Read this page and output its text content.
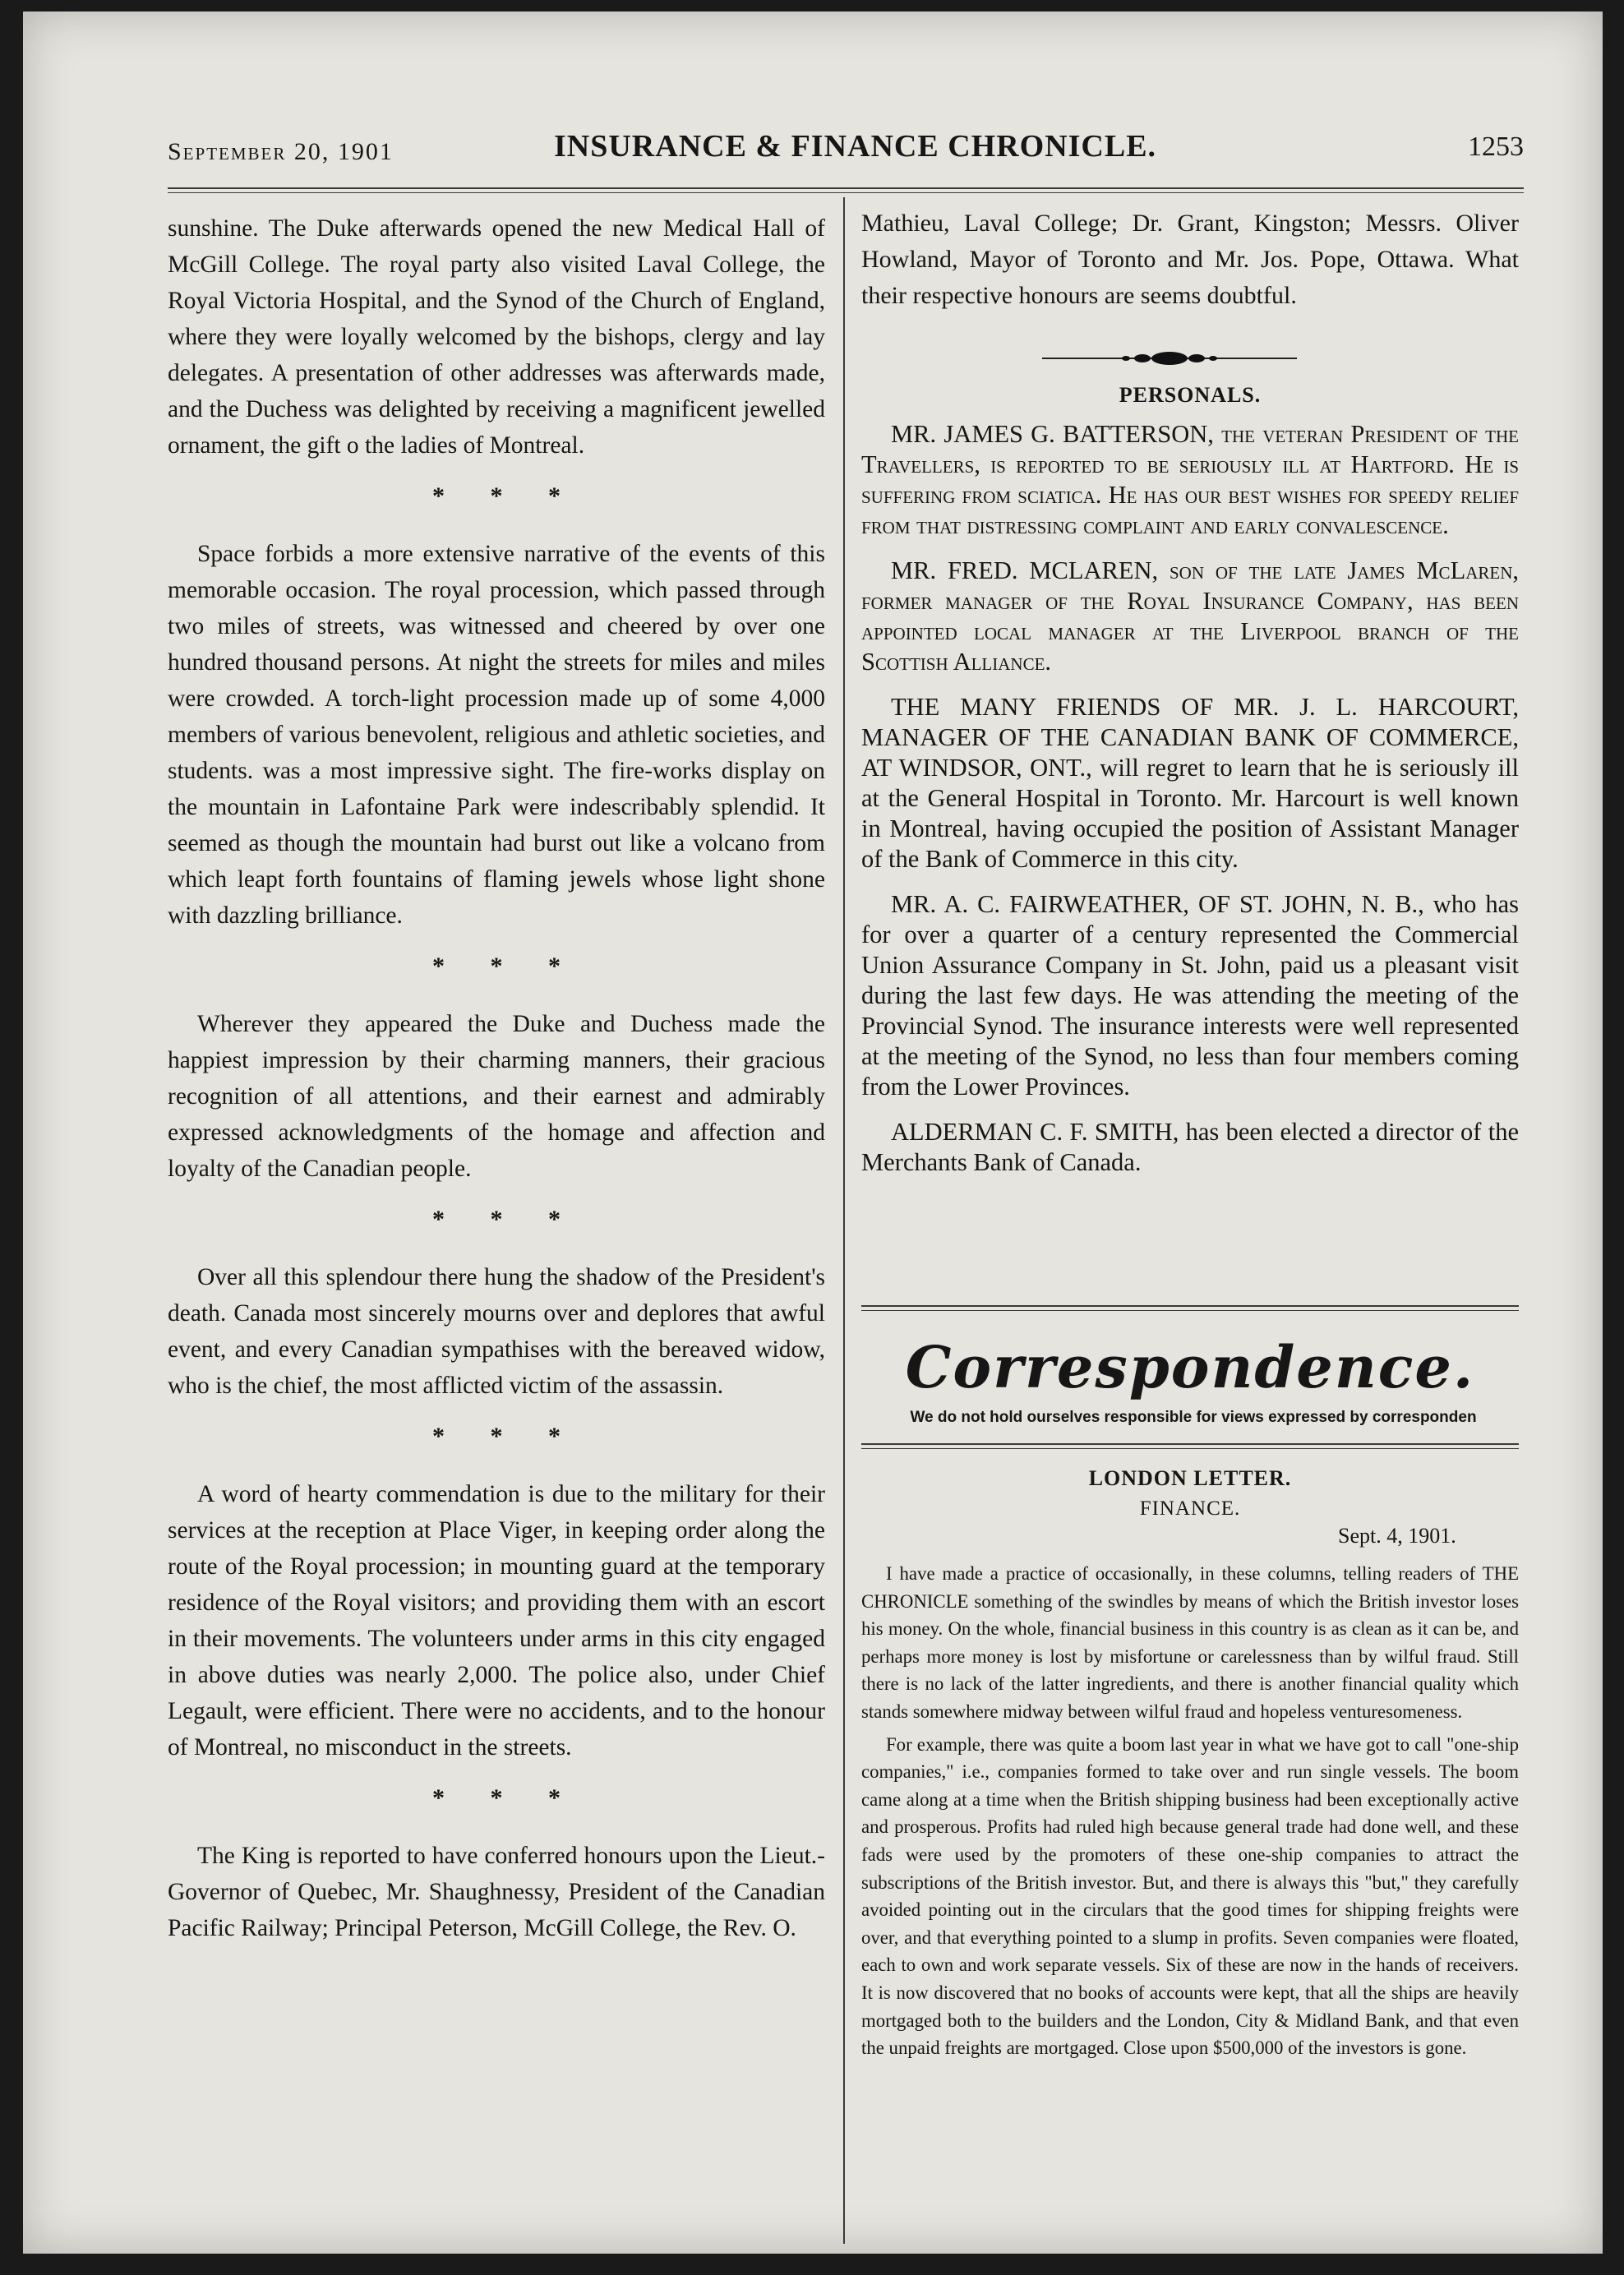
September 20, 1901	INSURANCE & FINANCE CHRONICLE.	1253

sunshine. The Duke afterwards opened the new Medical Hall of McGill College. The royal party also visited Laval College, the Royal Victoria Hospital, and the Synod of the Church of England, where they were loyally welcomed by the bishops, clergy and lay delegates. A presentation of other addresses was afterwards made, and the Duchess was delighted by receiving a magnificent jewelled ornament, the gift o the ladies of Montreal.

* * *

Space forbids a more extensive narrative of the events of this memorable occasion. The royal procession, which passed through two miles of streets, was witnessed and cheered by over one hundred thousand persons. At night the streets for miles and miles were crowded. A torch-light procession made up of some 4,000 members of various benevolent, religious and athletic societies, and students. was a most impressive sight. The fire-works display on the mountain in Lafontaine Park were indescribably splendid. It seemed as though the mountain had burst out like a volcano from which leapt forth fountains of flaming jewels whose light shone with dazzling brilliance.

* * *

Wherever they appeared the Duke and Duchess made the happiest impression by their charming manners, their gracious recognition of all attentions, and their earnest and admirably expressed acknowledgments of the homage and affection and loyalty of the Canadian people.

* * *

Over all this splendour there hung the shadow of the President's death. Canada most sincerely mourns over and deplores that awful event, and every Canadian sympathises with the bereaved widow, who is the chief, the most afflicted victim of the assassin.

* * *

A word of hearty commendation is due to the military for their services at the reception at Place Viger, in keeping order along the route of the Royal procession; in mounting guard at the temporary residence of the Royal visitors; and providing them with an escort in their movements. The volunteers under arms in this city engaged in above duties was nearly 2,000. The police also, under Chief Legault, were efficient. There were no accidents, and to the honour of Montreal, no misconduct in the streets.

* * *

The King is reported to have conferred honours upon the Lieut.-Governor of Quebec, Mr. Shaughnessy, President of the Canadian Pacific Railway; Principal Peterson, McGill College, the Rev. O.

Mathieu, Laval College; Dr. Grant, Kingston; Messrs. Oliver Howland, Mayor of Toronto and Mr. Jos. Pope, Ottawa. What their respective honours are seems doubtful.

PERSONALS.

MR. JAMES G. BATTERSON, the veteran President of the Travellers, is reported to be seriously ill at Hartford. He is suffering from sciatica. He has our best wishes for speedy relief from that distressing complaint and early convalescence.

MR. FRED. MCLAREN, son of the late James McLaren, former manager of the Royal Insurance Company, has been appointed local manager at the Liverpool branch of the Scottish Alliance.

THE MANY FRIENDS OF MR. J. L. HARCOURT, MANAGER OF THE CANADIAN BANK OF COMMERCE, AT WINDSOR, ONT., will regret to learn that he is seriously ill at the General Hospital in Toronto. Mr. Harcourt is well known in Montreal, having occupied the position of Assistant Manager of the Bank of Commerce in this city.

MR. A. C. FAIRWEATHER, OF ST. JOHN, N. B., who has for over a quarter of a century represented the Commercial Union Assurance Company in St. John, paid us a pleasant visit during the last few days. He was attending the meeting of the Provincial Synod. The insurance interests were well represented at the meeting of the Synod, no less than four members coming from the Lower Provinces.

ALDERMAN C. F. SMITH, has been elected a director of the Merchants Bank of Canada.

Correspondence.
We do not hold ourselves responsible for views expressed by corresponden
LONDON LETTER.
FINANCE.
Sept. 4, 1901.

I have made a practice of occasionally, in these columns, telling readers of THE CHRONICLE something of the swindles by means of which the British investor loses his money. On the whole, financial business in this country is as clean as it can be, and perhaps more money is lost by misfortune or carelessness than by wilful fraud. Still there is no lack of the latter ingredients, and there is another financial quality which stands somewhere midway between wilful fraud and hopeless venturesomeness.

For example, there was quite a boom last year in what we have got to call "one-ship companies," i.e., companies formed to take over and run single vessels. The boom came along at a time when the British shipping business had been exceptionally active and prosperous. Profits had ruled high because general trade had done well, and these fads were used by the promoters of these one-ship companies to attract the subscriptions of the British investor. But, and there is always this "but," they carefully avoided pointing out in the circulars that the good times for shipping freights were over, and that everything pointed to a slump in profits. Seven companies were floated, each to own and work separate vessels. Six of these are now in the hands of receivers. It is now discovered that no books of accounts were kept, that all the ships are heavily mortgaged both to the builders and the London, City & Midland Bank, and that even the unpaid freights are mortgaged. Close upon $500,000 of the investors is gone.
